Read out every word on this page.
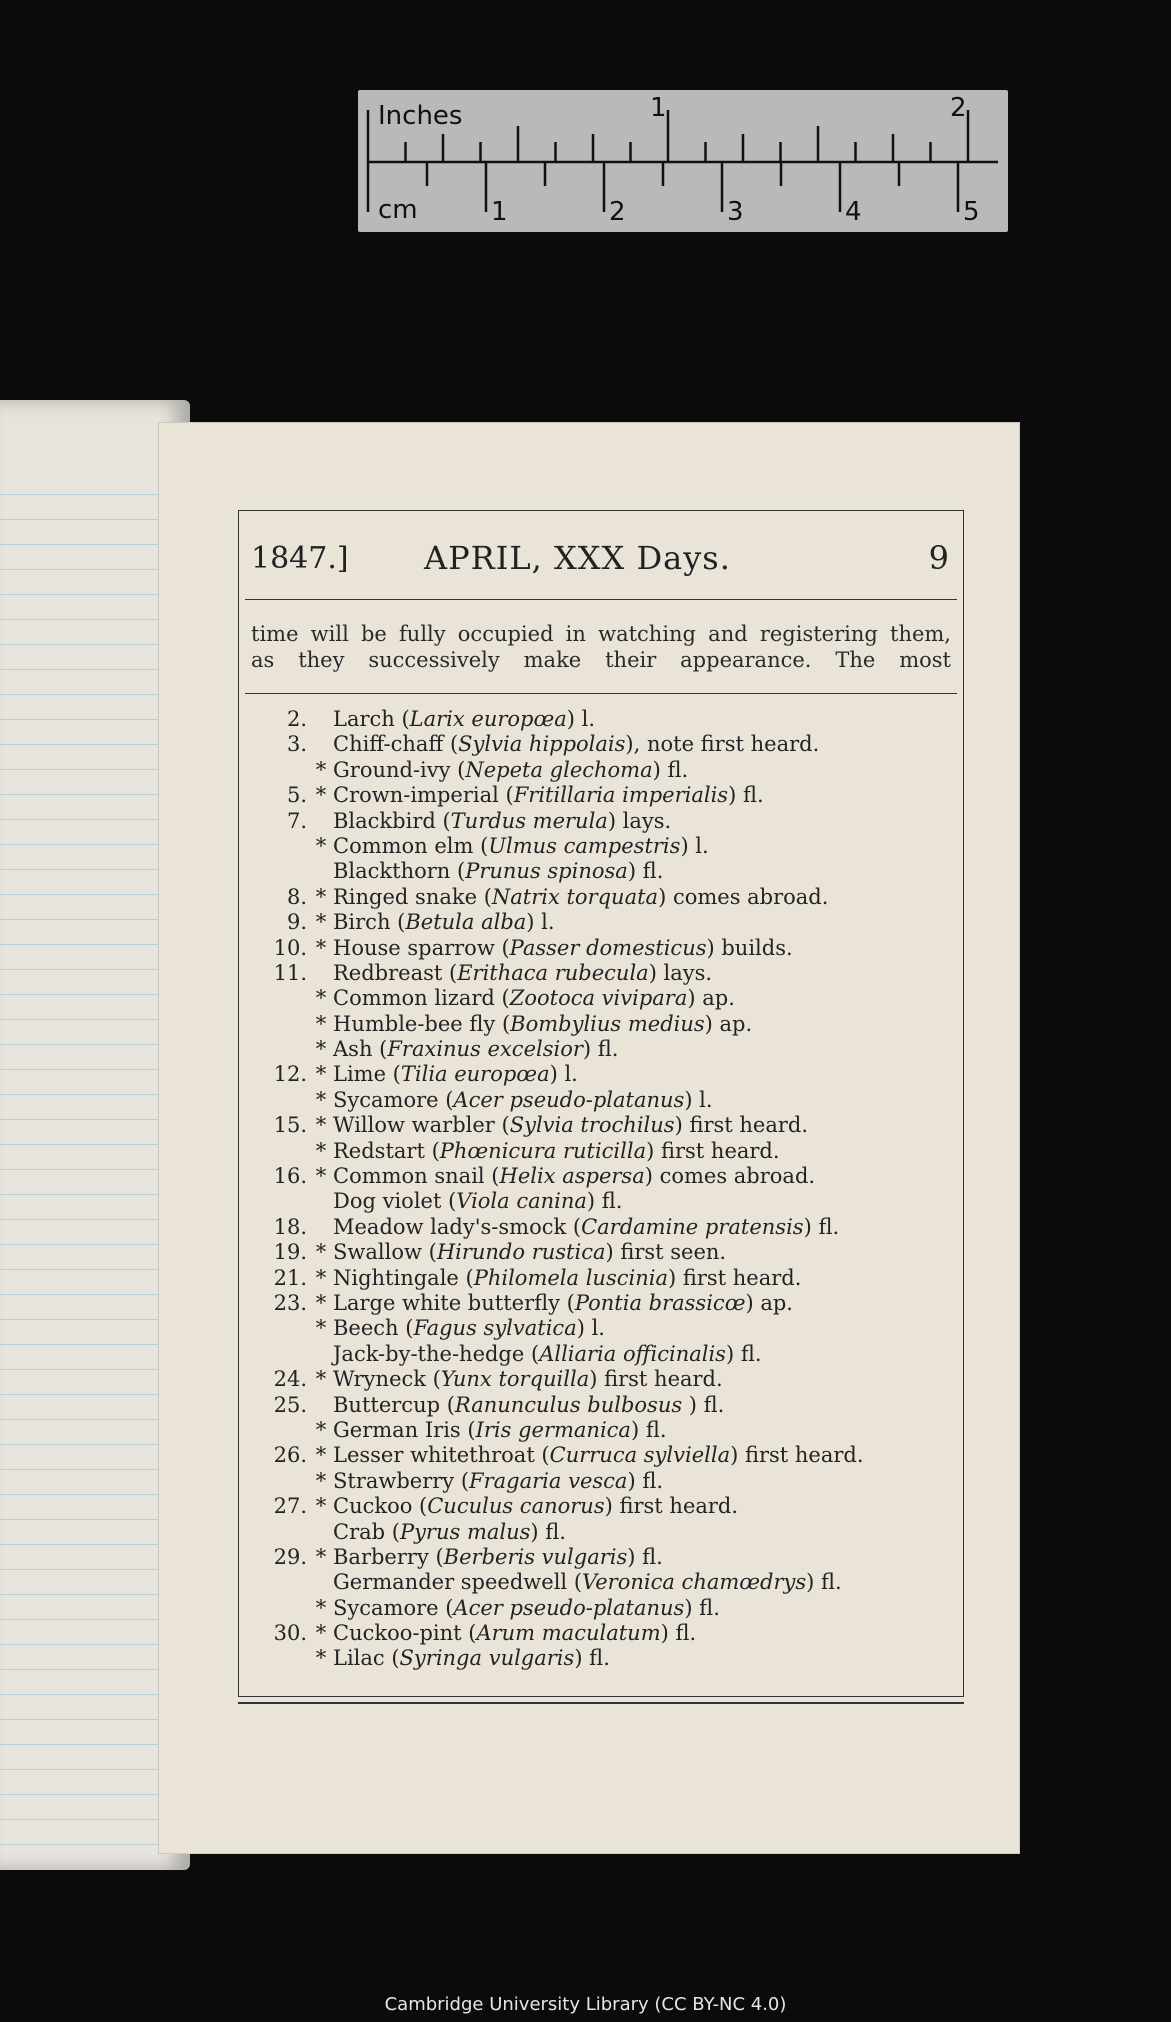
Inches
cm
1	2
1	2	3	4	5
1847.] APRIL, XXX Days.	9

time will be fully occupied in watching and registering them,

as they successively make their appearance. The most

2. Larch (Larix europœa) l.
3. Chiff-chaff (Sylvia hippolais), note first heard.
* Ground-ivy (Nepeta glechoma) fl.
5. * Crown-imperial (Fritillaria imperialis) fl.
7. Blackbird (Turdus merula) lays.
* Common elm (Ulmus campestris) l.
Blackthorn (Prunus spinosa) fl.
8. * Ringed snake (Natrix torquata) comes abroad.
9. * Birch (Betula alba) l.
10. * House sparrow (Passer domesticus) builds.
11. Redbreast (Erithaca rubecula) lays.
* Common lizard (Zootoca vivipara) ap.
* Humble-bee fly (Bombylius medius) ap.
* Ash (Fraxinus excelsior) fl.
12. * Lime (Tilia europœa) l.
* Sycamore (Acer pseudo-platanus) l.
15. * Willow warbler (Sylvia trochilus) first heard.
* Redstart (Phœnicura ruticilla) first heard.
16. * Common snail (Helix aspersa) comes abroad.
Dog violet (Viola canina) fl.
18. Meadow lady's-smock (Cardamine pratensis) fl.
19. * Swallow (Hirundo rustica) first seen.
21. * Nightingale (Philomela luscinia) first heard.
23. * Large white butterfly (Pontia brassicœ) ap.
* Beech (Fagus sylvatica) l.
Jack-by-the-hedge (Alliaria officinalis) fl.
24. * Wryneck (Yunx torquilla) first heard.
25. Buttercup (Ranunculus bulbosus ) fl.
* German Iris (Iris germanica) fl.
26. * Lesser whitethroat (Curruca sylviella) first heard.
* Strawberry (Fragaria vesca) fl.
27. * Cuckoo (Cuculus canorus) first heard.
Crab (Pyrus malus) fl.
29. * Barberry (Berberis vulgaris) fl.
Germander speedwell (Veronica chamœdrys) fl.
* Sycamore (Acer pseudo-platanus) fl.
30. * Cuckoo-pint (Arum maculatum) fl.
* Lilac (Syringa vulgaris) fl.
Cambridge University Library (CC BY-NC 4.0)
